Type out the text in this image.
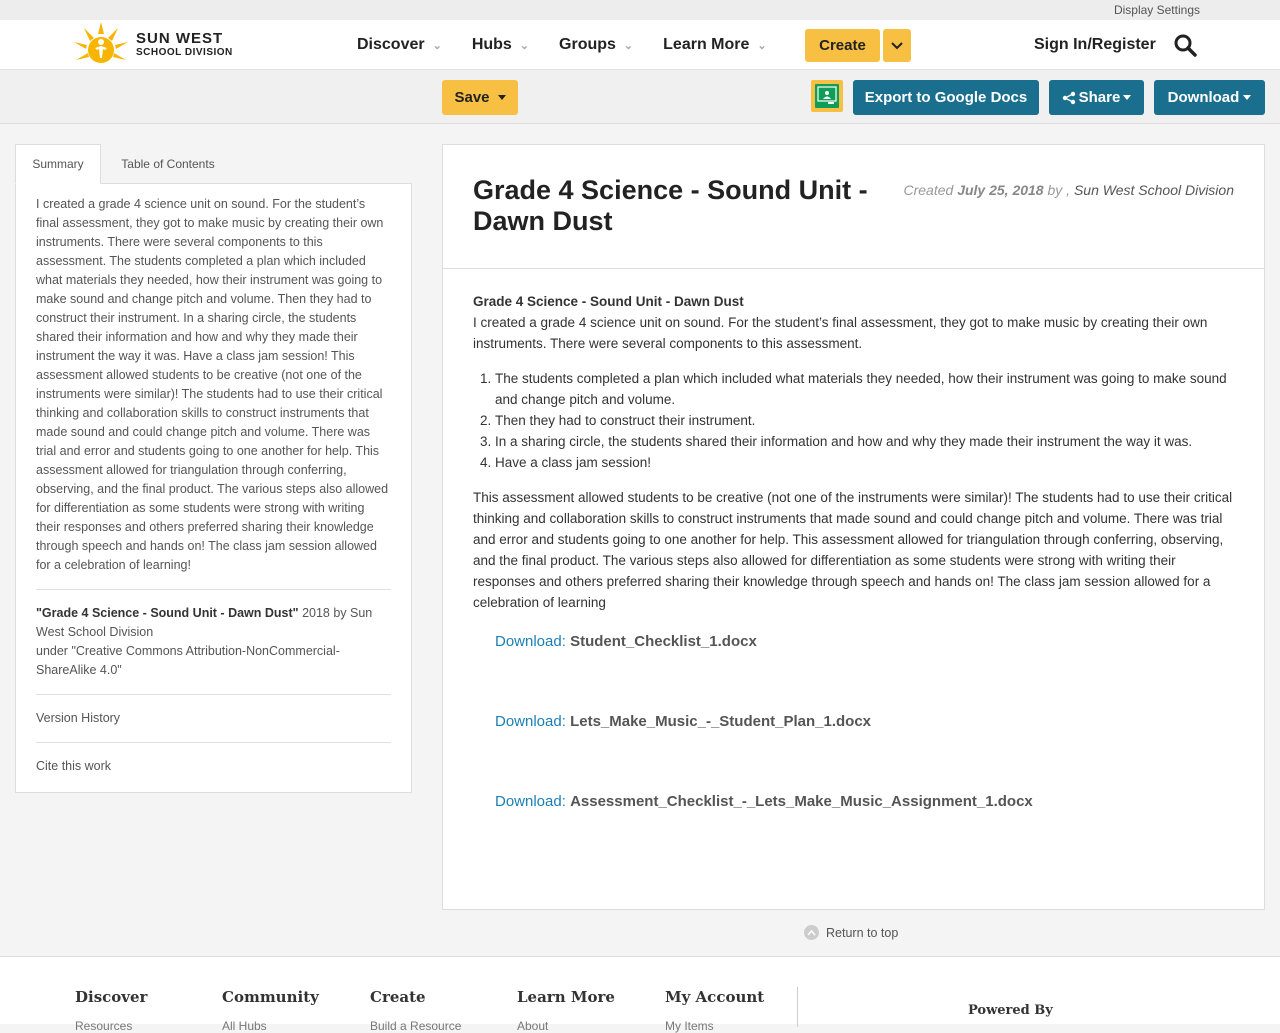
Display Settings
SUN WEST
SCHOOL DIVISION	Discover ⌄ Hubs ⌄ Groups ⌄ Learn More ⌄	Create	Sign In/Register
Save	Export to Google Docs	Share	Download
Summary	Table of Contents

I created a grade 4 science unit on sound. For the student’s final assessment, they got to make music by creating their own instruments. There were several components to this assessment. The students completed a plan which included what materials they needed, how their instrument was going to make sound and change pitch and volume. Then they had to construct their instrument. In a sharing circle, the students shared their information and how and why they made their instrument the way it was. Have a class jam session! This assessment allowed students to be creative (not one of the instruments were similar)! The students had to use their critical thinking and collaboration skills to construct instruments that made sound and could change pitch and volume. There was trial and error and students going to one another for help. This assessment allowed for triangulation through conferring, observing, and the final product. The various steps also allowed for differentiation as some students were strong with writing their responses and others preferred sharing their knowledge through speech and hands on! The class jam session allowed for a celebration of learning!

"Grade 4 Science - Sound Unit - Dawn Dust" 2018 by Sun West School Division
under "Creative Commons Attribution-NonCommercial-ShareAlike 4.0"

Version History

Cite this work

Grade 4 Science - Sound Unit - Dawn Dust
Created July 25, 2018 by , Sun West School Division

Grade 4 Science - Sound Unit - Dawn Dust

I created a grade 4 science unit on sound. For the student’s final assessment, they got to make music by creating their own instruments. There were several components to this assessment.

1. The students completed a plan which included what materials they needed, how their instrument was going to make sound and change pitch and volume.
2. Then they had to construct their instrument.
3. In a sharing circle, the students shared their information and how and why they made their instrument the way it was.
4. Have a class jam session!

This assessment allowed students to be creative (not one of the instruments were similar)! The students had to use their critical thinking and collaboration skills to construct instruments that made sound and could change pitch and volume. There was trial and error and students going to one another for help. This assessment allowed for triangulation through conferring, observing, and the final product. The various steps also allowed for differentiation as some students were strong with writing their responses and others preferred sharing their knowledge through speech and hands on! The class jam session allowed for a celebration of learning

Download: Student_Checklist_1.docx

Download: Lets_Make_Music_-_Student_Plan_1.docx

Download: Assessment_Checklist_-_Lets_Make_Music_Assignment_1.docx

Return to top
Discover	Community	Create	Learn More	My Account
Resources	All Hubs	Build a Resource	About	My Items
Powered By
